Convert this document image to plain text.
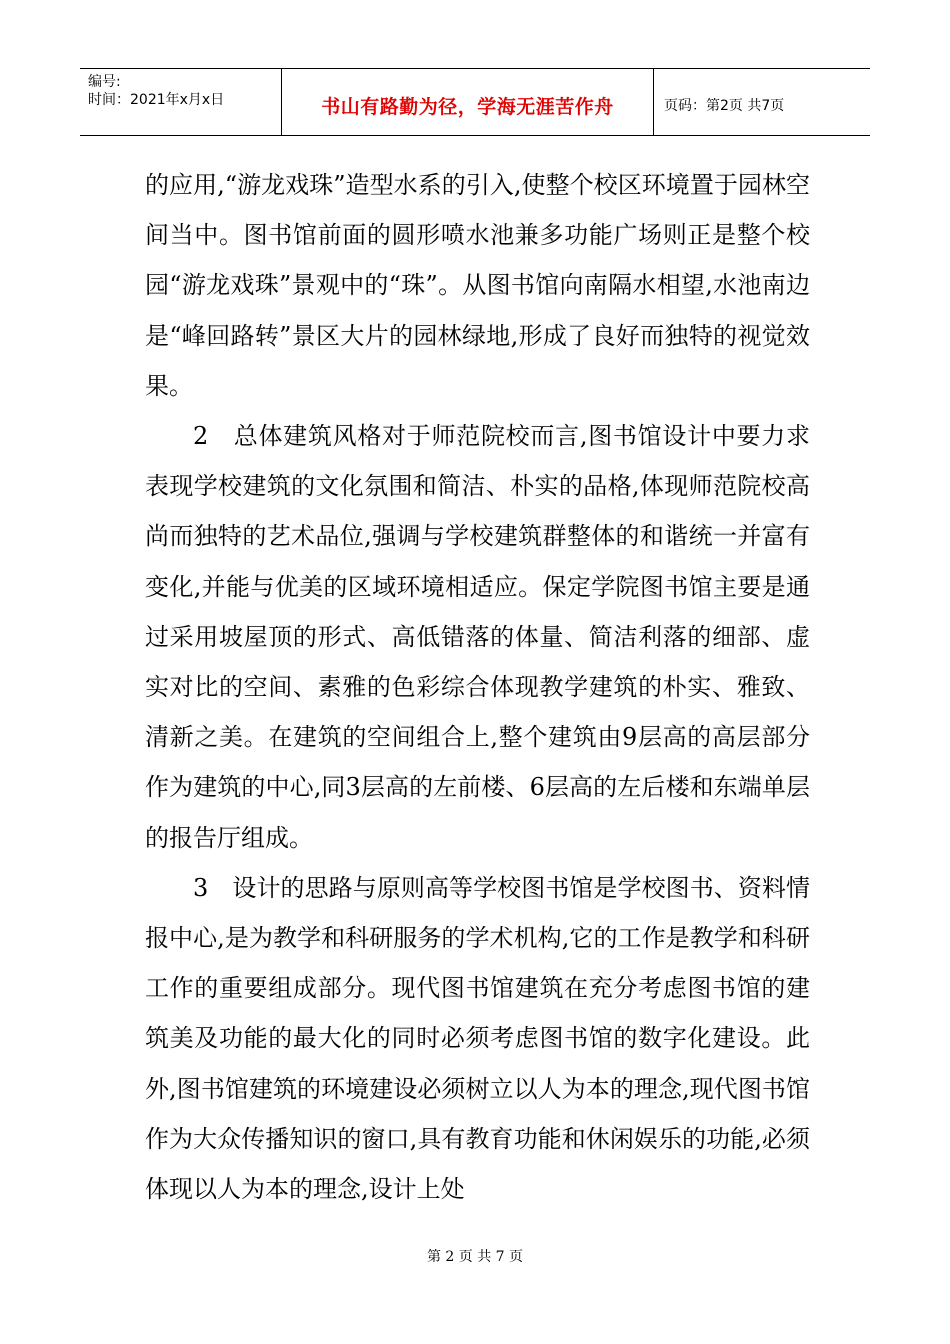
编号:
时间：2021年x月x日	书山有路勤为径，学海无涯苦作舟	页码：第2页 共7页

的应用,“游龙戏珠”造型水系的引入,使整个校区环境置于园林空间当中。图书馆前面的圆形喷水池兼多功能广场则正是整个校园“游龙戏珠”景观中的“珠”。从图书馆向南隔水相望,水池南边是“峰回路转”景区大片的园林绿地,形成了良好而独特的视觉效果。

2　总体建筑风格对于师范院校而言,图书馆设计中要力求表现学校建筑的文化氛围和简洁、朴实的品格,体现师范院校高尚而独特的艺术品位,强调与学校建筑群整体的和谐统一并富有变化,并能与优美的区域环境相适应。保定学院图书馆主要是通过采用坡屋顶的形式、高低错落的体量、简洁利落的细部、虚实对比的空间、素雅的色彩综合体现教学建筑的朴实、雅致、清新之美。在建筑的空间组合上,整个建筑由9层高的高层部分作为建筑的中心,同3层高的左前楼、6层高的左后楼和东端单层的报告厅组成。

3　设计的思路与原则高等学校图书馆是学校图书、资料情报中心,是为教学和科研服务的学术机构,它的工作是教学和科研工作的重要组成部分。现代图书馆建筑在充分考虑图书馆的建筑美及功能的最大化的同时必须考虑图书馆的数字化建设。此外,图书馆建筑的环境建设必须树立以人为本的理念,现代图书馆作为大众传播知识的窗口,具有教育功能和休闲娱乐的功能,必须体现以人为本的理念,设计上处

第 2 页 共 7 页
